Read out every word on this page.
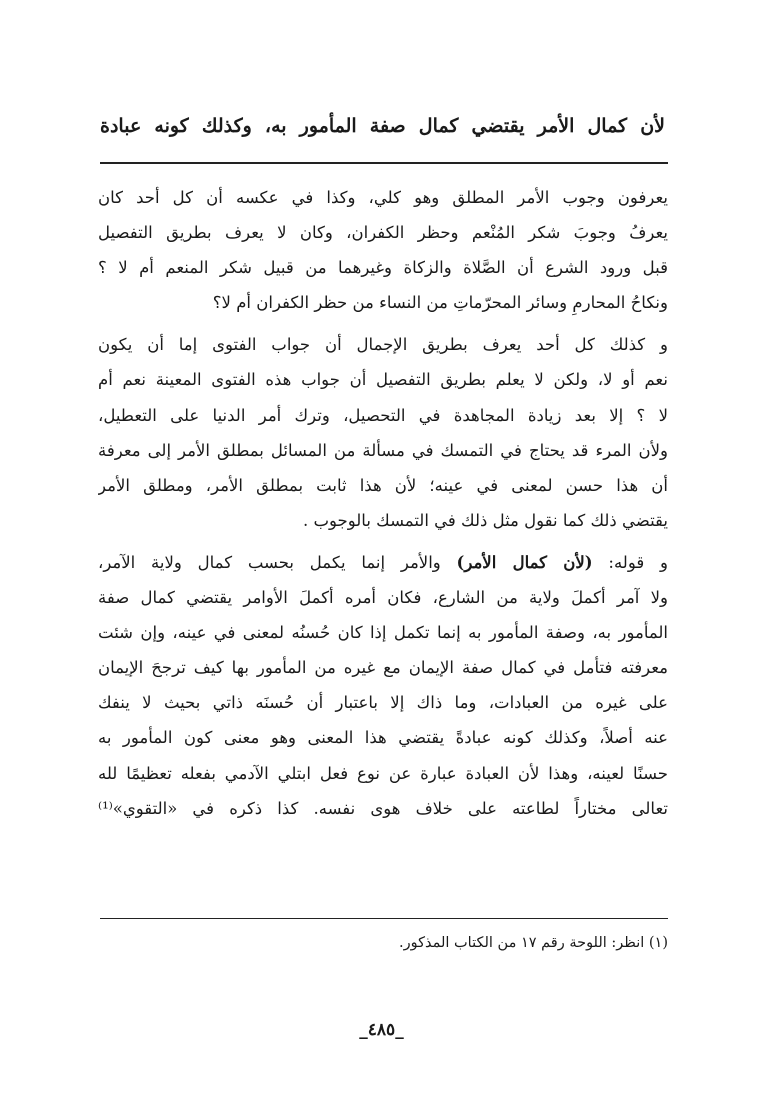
لأن كمال الأمر يقتضي كمال صفة المأمور به، وكذلك كونه عبادة
يعرفون وجوب الأمر المطلق وهو كلي، وكذا في عكسه أن كل أحد كان
يعرفُ وجوبَ شكر المُنْعم وحظر الكفران، وكان لا يعرف بطريق التفصيل
قبل ورود الشرع أن الصَّلاة والزكاة وغيرهما من قبيل شكر المنعم أم لا ؟
ونكاحُ المحارمِ وسائر المحرّماتِ من النساء من حظر الكفران أم لا؟
و كذلك كل أحد يعرف بطريق الإجمال أن جواب الفتوى إما أن يكون
نعم أو لا، ولكن لا يعلم بطريق التفصيل أن جواب هذه الفتوى المعينة نعم أم
لا ؟ إلا بعد زيادة المجاهدة في التحصيل، وترك أمر الدنيا على التعطيل،
ولأن المرء قد يحتاج في التمسك في مسألة من المسائل بمطلق الأمر إلى معرفة
أن هذا حسن لمعنى في عينه؛ لأن هذا ثابت بمطلق الأمر، ومطلق الأمر
يقتضي ذلك كما نقول مثل ذلك في التمسك بالوجوب .
و قوله: (لأن كمال الأمر) والأمر إنما يكمل بحسب كمال ولاية الآمر،
ولا آمر أكملَ ولاية من الشارع، فكان أمره أكملَ الأوامر يقتضي كمال صفة
المأمور به، وصفة المأمور به إنما تكمل إذا كان حُسنُه لمعنى في عينه، وإن شئت
معرفته فتأمل في كمال صفة الإيمان مع غيره من المأمور بها كيف ترجحَ الإيمان
على غيره من العبادات، وما ذاك إلا باعتبار أن حُسنَه ذاتي بحيث لا ينفك
عنه أصلاً، وكذلك كونه عبادةً يقتضي هذا المعنى وهو معنى كون المأمور به
حسنًا لعينه، وهذا لأن العبادة عبارة عن نوع فعل ابتلي الآدمي بفعله تعظيمًا لله
تعالى مختاراً لطاعته على خلاف هوى نفسه. كذا ذكره في «التقوي»⁽¹⁾
(١) انظر: اللوحة رقم ١٧ من الكتاب المذكور.
_٤٨٥_
